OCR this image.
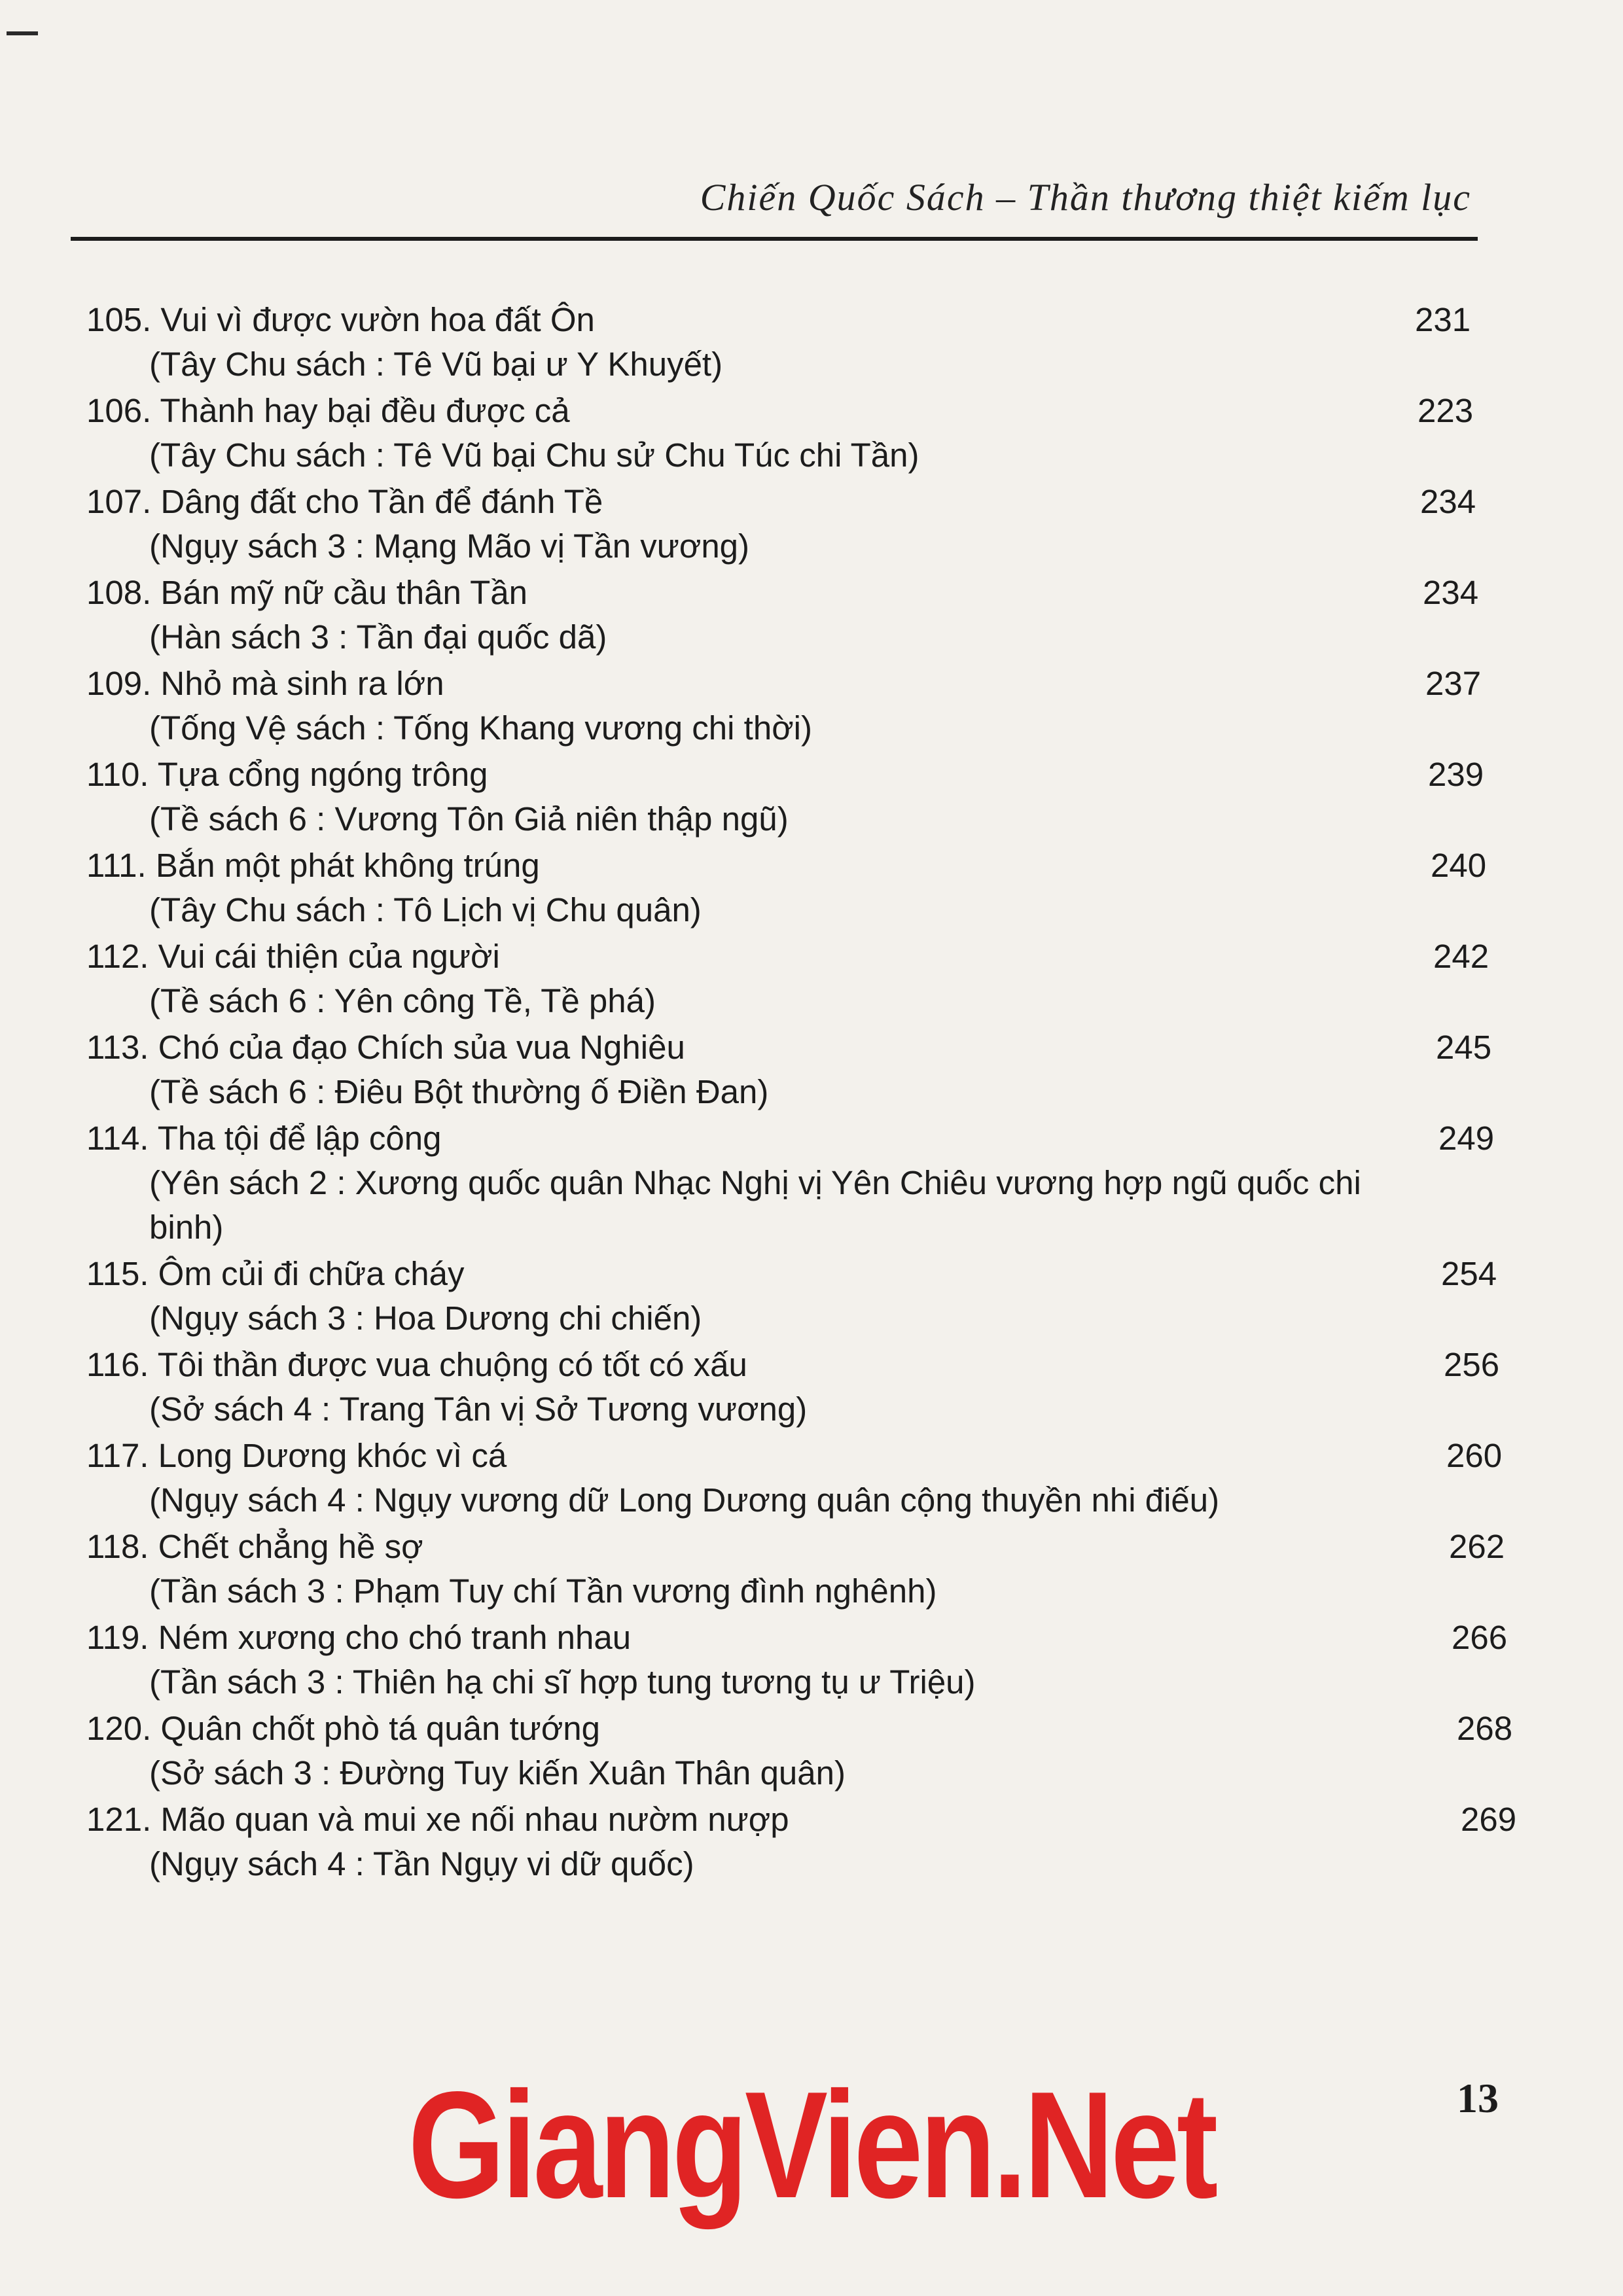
Chiến Quốc Sách – Thần thương thiệt kiếm lục
105. Vui vì được vườn hoa đất Ôn
(Tây Chu sách : Tê Vũ bại ư Y Khuyết)
231
106. Thành hay bại đều được cả
(Tây Chu sách : Tê Vũ bại Chu sử Chu Túc chi Tần)
223
107. Dâng đất cho Tần để đánh Tề
(Ngụy sách 3 : Mạng Mão vị Tần vương)
234
108. Bán mỹ nữ cầu thân Tần
(Hàn sách 3 : Tần đại quốc dã)
234
109. Nhỏ mà sinh ra lớn
(Tống Vệ sách : Tống Khang vương chi thời)
237
110. Tựa cổng ngóng trông
(Tề sách 6 : Vương Tôn Giả niên thập ngũ)
239
111. Bắn một phát không trúng
(Tây Chu sách : Tô Lịch vị Chu quân)
240
112. Vui cái thiện của người
(Tề sách 6 : Yên công Tề, Tề phá)
242
113. Chó của đạo Chích sủa vua Nghiêu
(Tề sách 6 : Điêu Bột thường ố Điền Đan)
245
114. Tha tội để lập công
(Yên sách 2 : Xương quốc quân Nhạc Nghị vị Yên Chiêu vương hợp ngũ quốc chi binh)
249
115. Ôm củi đi chữa cháy
(Ngụy sách 3 : Hoa Dương chi chiến)
254
116. Tôi thần được vua chuộng có tốt có xấu
(Sở sách 4 : Trang Tân vị Sở Tương vương)
256
117. Long Dương khóc vì cá
(Ngụy sách 4 : Ngụy vương dữ Long Dương quân cộng thuyền nhi điếu)
260
118. Chết chẳng hề sợ
(Tần sách 3 : Phạm Tuy chí Tần vương đình nghênh)
262
119. Ném xương cho chó tranh nhau
(Tần sách 3 : Thiên hạ chi sĩ hợp tung tương tụ ư Triệu)
266
120. Quân chốt phò tá quân tướng
(Sở sách 3 : Đường Tuy kiến Xuân Thân quân)
268
121. Mão quan và mui xe nối nhau nườm nượp
(Ngụy sách 4 : Tần Ngụy vi dữ quốc)
269
GiangVien.Net	13
